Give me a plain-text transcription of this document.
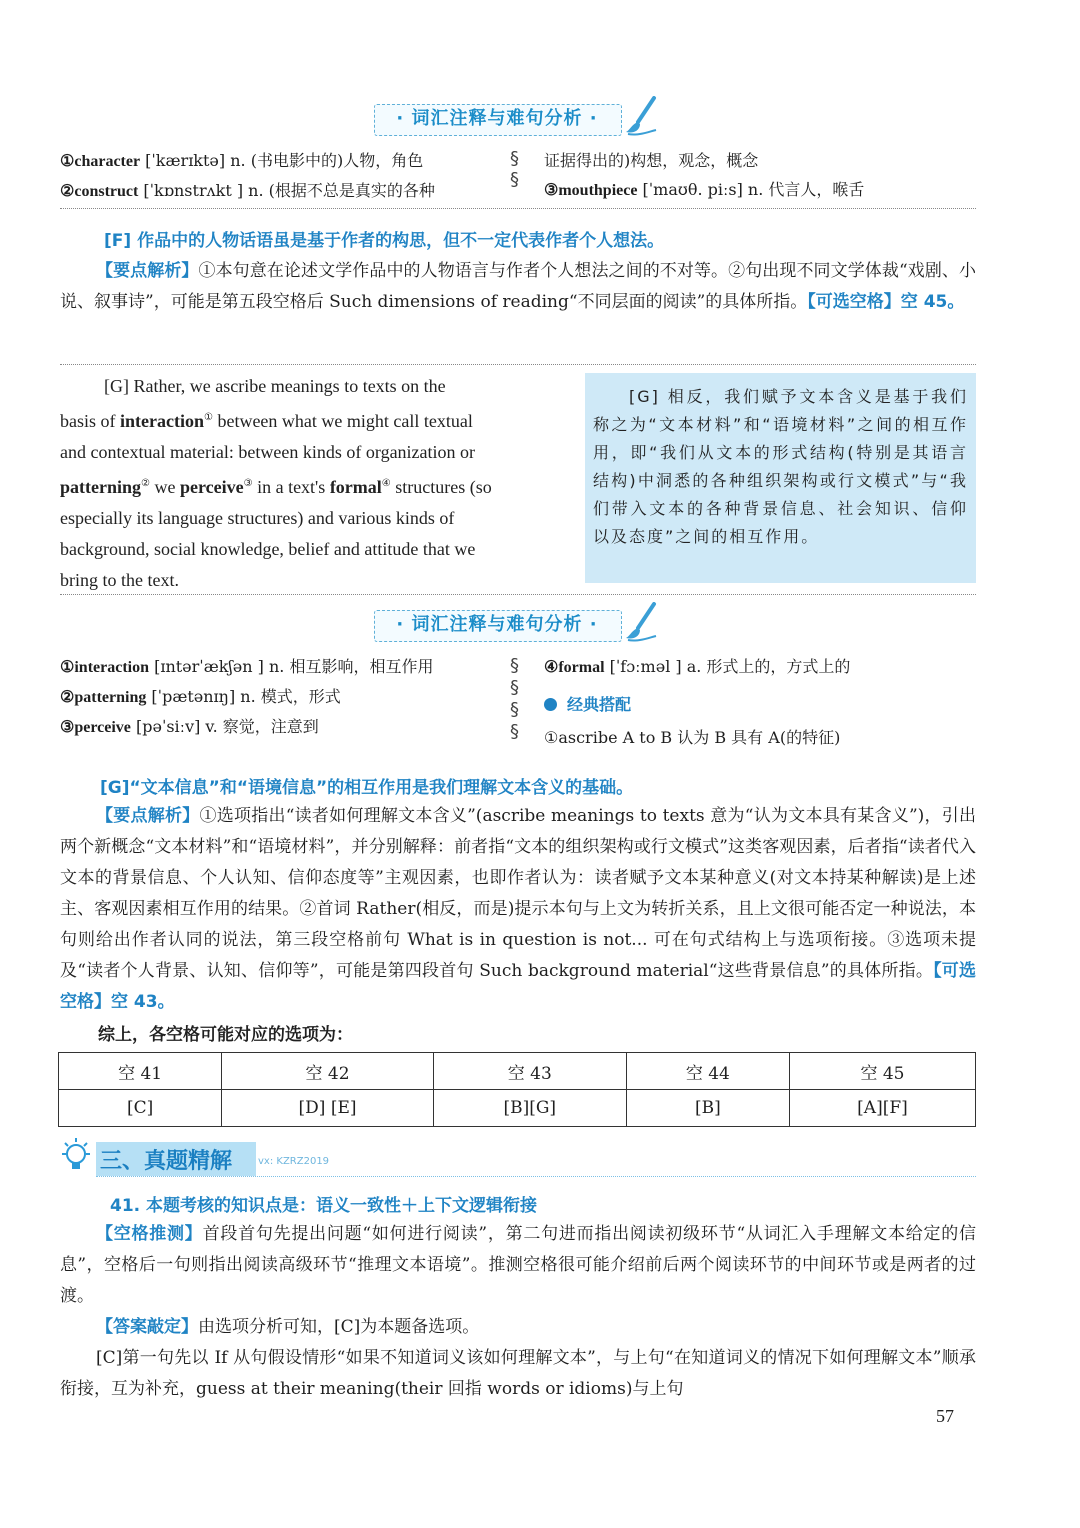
· 词汇注释与难句分析 ·
①character [ˈkærɪktə] n. (书电影中的)人物，角色
②construct [ˈkɒnstrʌkt ] n. (根据不总是真实的各种
§
§
证据得出的)构想，观念，概念
③mouthpiece [ˈmaʊθ. piːs] n. 代言人，喉舌
[F] 作品中的人物话语虽是基于作者的构思，但不一定代表作者个人想法。
【要点解析】①本句意在论述文学作品中的人物语言与作者个人想法之间的不对等。②句出现不同文学体裁“戏剧、小说、叙事诗”，可能是第五段空格后 Such dimensions of reading“不同层面的阅读”的具体所指。【可选空格】空 45。
[G] Rather, we ascribe meanings to texts on the
basis of interaction① between what we might call textual
and contextual material: between kinds of organization or
patterning② we perceive③ in a text's formal④ structures (so
especially its language structures) and various kinds of
background, social knowledge, belief and attitude that we
bring to the text.
[G] 相反，我们赋予文本含义是基于我们称之为“文本材料”和“语境材料”之间的相互作用，即“我们从文本的形式结构(特别是其语言结构)中洞悉的各种组织架构或行文模式”与“我们带入文本的各种背景信息、社会知识、信仰以及态度”之间的相互作用。
· 词汇注释与难句分析 ·
①interaction [ɪntərˈækʃən ] n. 相互影响，相互作用
②patterning [ˈpætənɪŋ] n. 模式，形式
③perceive [pəˈsiːv] v. 察觉，注意到
§
§
§
§
④formal [ˈfɔːməl ] a. 形式上的，方式上的
经典搭配
①ascribe A to B 认为 B 具有 A(的特征)
[G]“文本信息”和“语境信息”的相互作用是我们理解文本含义的基础。
【要点解析】①选项指出“读者如何理解文本含义”(ascribe meanings to texts 意为“认为文本具有某含义”)，引出两个新概念“文本材料”和“语境材料”，并分别解释：前者指“文本的组织架构或行文模式”这类客观因素，后者指“读者代入文本的背景信息、个人认知、信仰态度等”主观因素，也即作者认为：读者赋予文本某种意义(对文本持某种解读)是上述主、客观因素相互作用的结果。②首词 Rather(相反，而是)提示本句与上文为转折关系，且上文很可能否定一种说法，本句则给出作者认同的说法，第三段空格前句 What is in question is not... 可在句式结构上与选项衔接。③选项未提及“读者个人背景、认知、信仰等”，可能是第四段首句 Such background material“这些背景信息”的具体所指。【可选空格】空 43。
综上，各空格可能对应的选项为：
空 41	空 42	空 43	空 44	空 45
[C]	[D] [E]	[B][G]	[B]	[A][F]
三、真题精解	vx: KZRZ2019
41. 本题考核的知识点是：语义一致性＋上下文逻辑衔接
【空格推测】首段首句先提出问题“如何进行阅读”，第二句进而指出阅读初级环节“从词汇入手理解文本给定的信息”，空格后一句则指出阅读高级环节“推理文本语境”。推测空格很可能介绍前后两个阅读环节的中间环节或是两者的过渡。
【答案敲定】由选项分析可知，[C]为本题备选项。
[C]第一句先以 If 从句假设情形“如果不知道词义该如何理解文本”，与上句“在知道词义的情况下如何理解文本”顺承衔接，互为补充，guess at their meaning(their 回指 words or idioms)与上句
57
